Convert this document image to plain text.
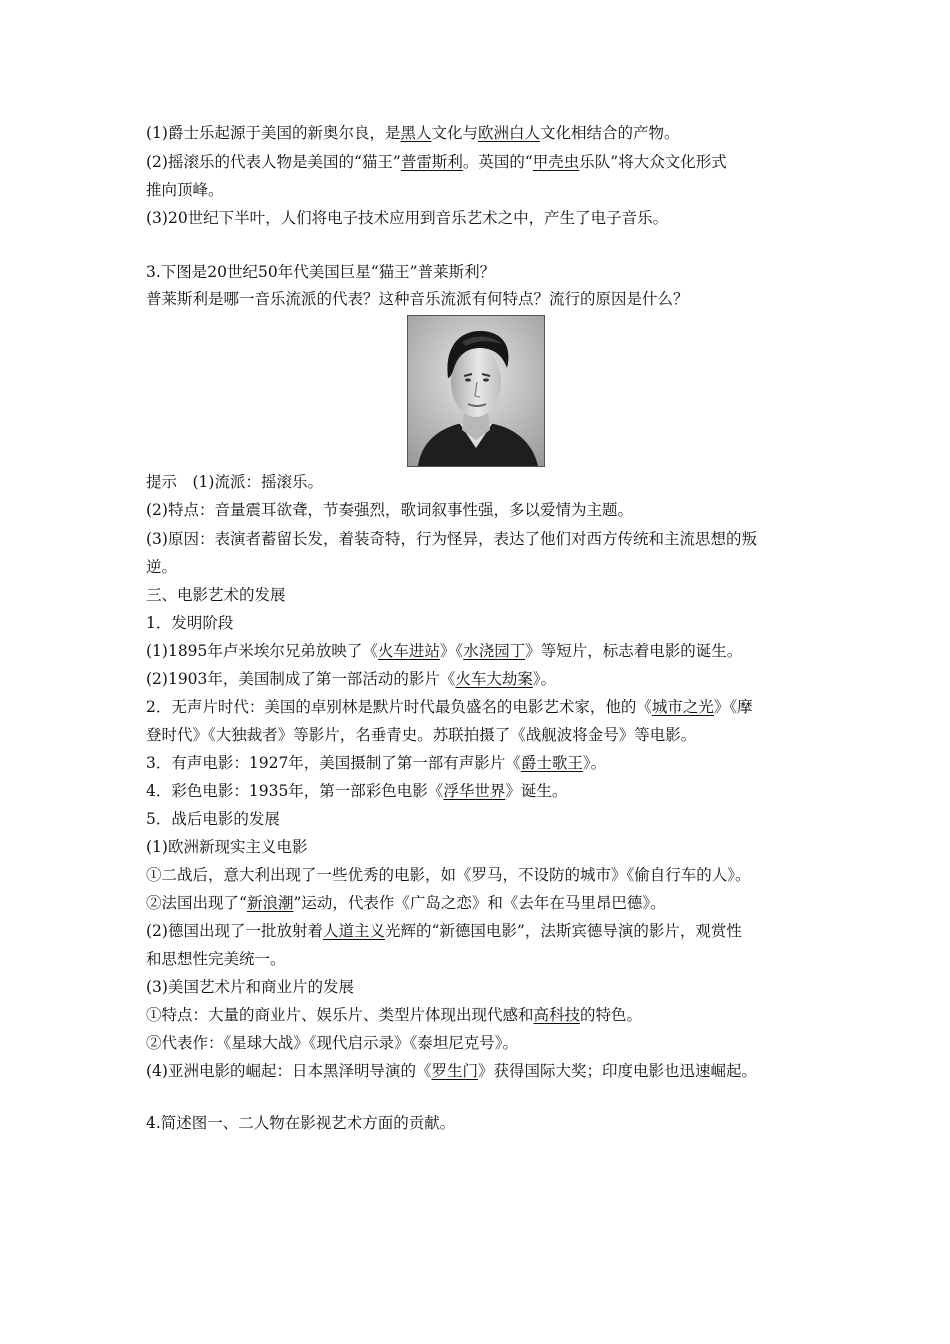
(1)爵士乐起源于美国的新奥尔良，是黑人文化与欧洲白人文化相结合的产物。
(2)摇滚乐的代表人物是美国的“猫王”普雷斯利。英国的“甲壳虫乐队”将大众文化形式
推向顶峰。
(3)20世纪下半叶，人们将电子技术应用到音乐艺术之中，产生了电子音乐。
3.下图是20世纪50年代美国巨星“猫王”普莱斯利？
普莱斯利是哪一音乐流派的代表？这种音乐流派有何特点？流行的原因是什么？
提示　(1)流派：摇滚乐。
(2)特点：音量震耳欲聋，节奏强烈，歌词叙事性强，多以爱情为主题。
(3)原因：表演者蓄留长发，着装奇特，行为怪异，表达了他们对西方传统和主流思想的叛
逆。
三、电影艺术的发展
1．发明阶段
(1)1895年卢米埃尔兄弟放映了《火车进站》《水浇园丁》等短片，标志着电影的诞生。
(2)1903年，美国制成了第一部活动的影片《火车大劫案》。
2．无声片时代：美国的卓别林是默片时代最负盛名的电影艺术家，他的《城市之光》《摩
登时代》《大独裁者》等影片，名垂青史。苏联拍摄了《战舰波将金号》等电影。
3．有声电影：1927年，美国摄制了第一部有声影片《爵士歌王》。
4．彩色电影：1935年，第一部彩色电影《浮华世界》诞生。
5．战后电影的发展
(1)欧洲新现实主义电影
①二战后，意大利出现了一些优秀的电影，如《罗马，不设防的城市》《偷自行车的人》。
②法国出现了“新浪潮”运动，代表作《广岛之恋》和《去年在马里昂巴德》。
(2)德国出现了一批放射着人道主义光辉的“新德国电影”，法斯宾德导演的影片，观赏性
和思想性完美统一。
(3)美国艺术片和商业片的发展
①特点：大量的商业片、娱乐片、类型片体现出现代感和高科技的特色。
②代表作：《星球大战》《现代启示录》《泰坦尼克号》。
(4)亚洲电影的崛起：日本黑泽明导演的《罗生门》获得国际大奖；印度电影也迅速崛起。
4.简述图一、二人物在影视艺术方面的贡献。
